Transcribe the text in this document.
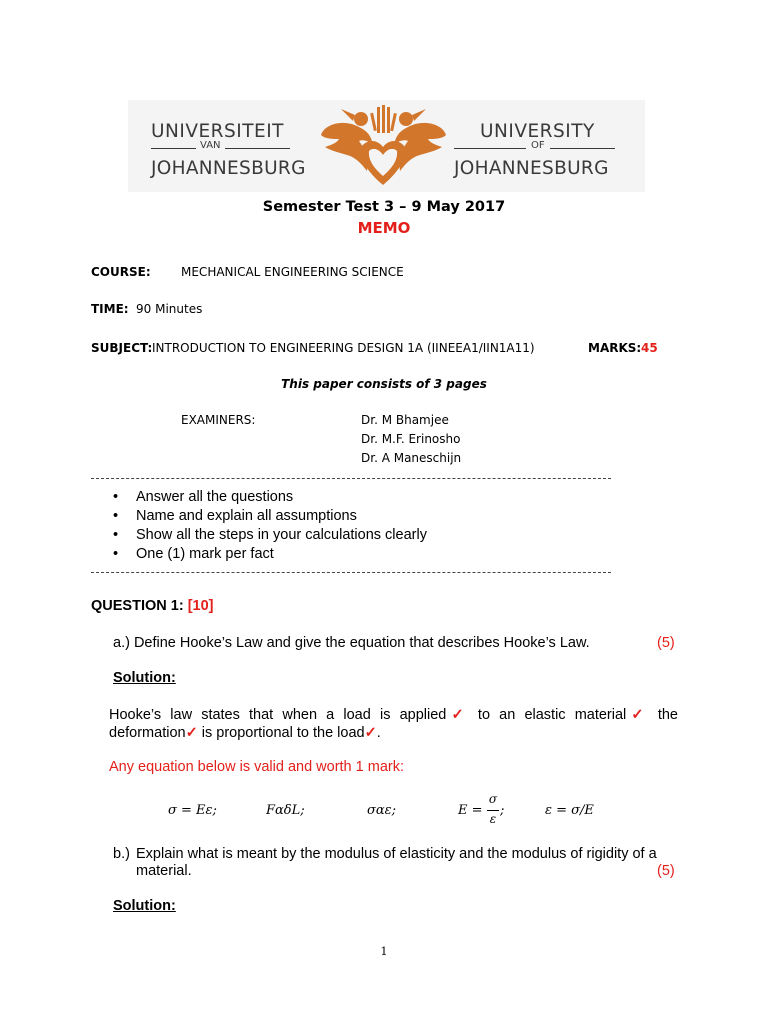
UNIVERSITEIT
VAN
JOHANNESBURG
UNIVERSITY
OF
JOHANNESBURG
Semester Test 3 – 9 May 2017
MEMO
COURSE:	MECHANICAL ENGINEERING SCIENCE
TIME: 90 Minutes
SUBJECT: INTRODUCTION TO ENGINEERING DESIGN 1A (IINEEA1/IIN1A11)	MARKS: 45
This paper consists of 3 pages
EXAMINERS:	Dr. M Bhamjee
Dr. M.F. Erinosho
Dr. A Maneschijn
• Answer all the questions
• Name and explain all assumptions
• Show all the steps in your calculations clearly
• One (1) mark per fact
QUESTION 1: [10]
a.) Define Hooke’s Law and give the equation that describes Hooke’s Law.	(5)
Solution:
Hooke’s law states that when a load is applied✓ to an elastic material✓ the deformation✓ is proportional to the load✓.
Any equation below is valid and worth 1 mark:
σ = Eε;	FαδL;	σαε;	E =
σ
ε
;	ε = σ/E
b.) Explain what is meant by the modulus of elasticity and the modulus of rigidity of a material.	(5)
Solution:
1
